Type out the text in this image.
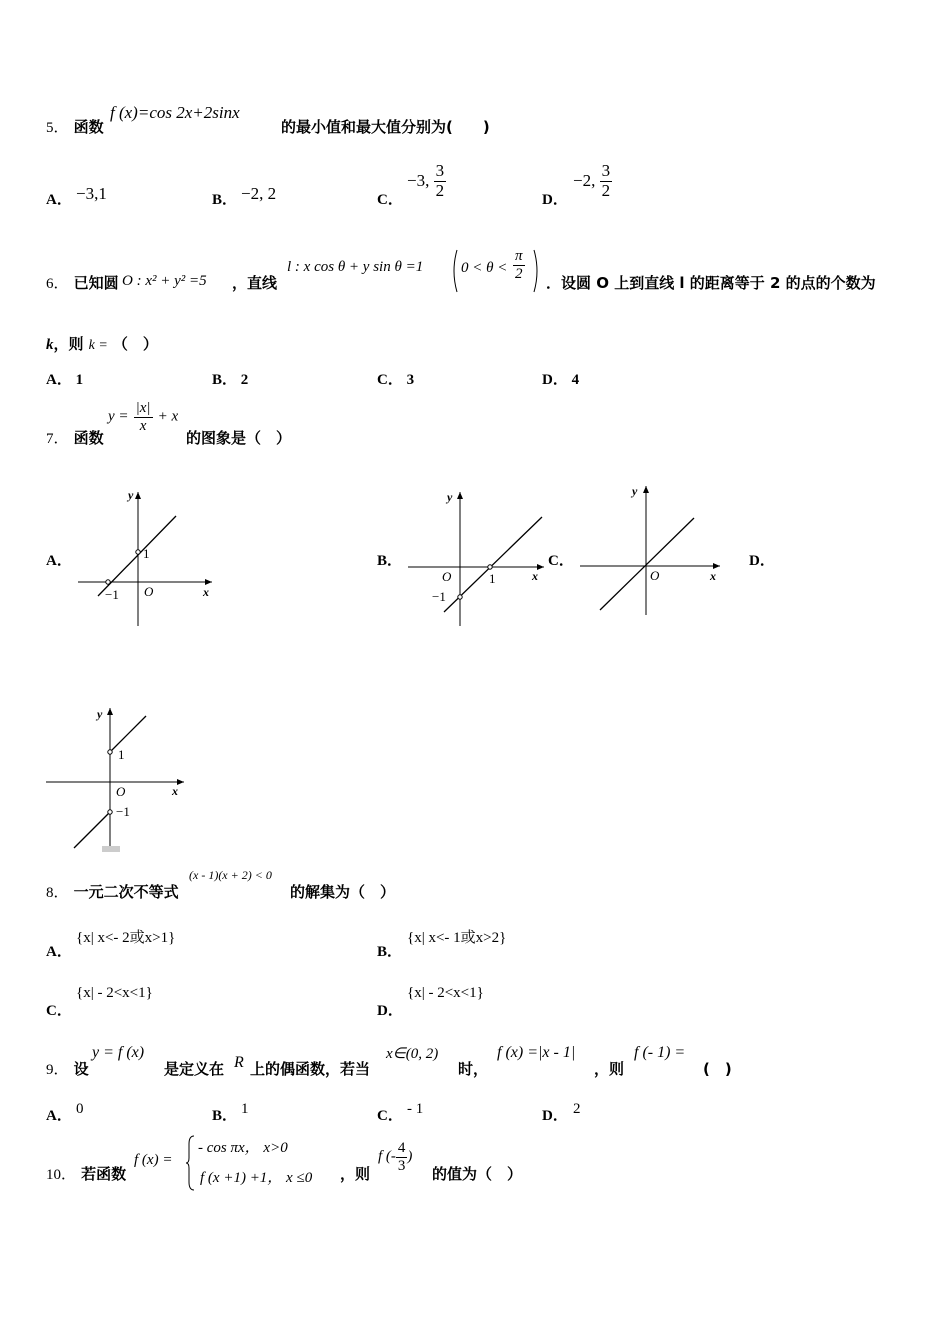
5． 函数
f (x)=cos 2x+2sinx
的最小值和最大值分别为(　　)
A． −3,1	B． −2, 2	C．
−3, $\frac{3}{2}$	D．
−2, $\frac{3}{2}$
6． 已知圆 O : x² + y² =5 ，直线
l : x cos θ + y sin θ =1	$0 < \theta < \frac{\pi}{2}$
．设圆 O 上到直线 l 的距离等于 2 的点的个数为
k，则 k = （　）
A． 1	B． 2	C． 3	D． 4
7． 函数
$y = \frac{|x|}{x} + x$
的图象是（　）
A．	B．	C．	D．
y
x
O
−1
1
y
x
O	1
−1
y
x
O
y
x
O
1
−1
8． 一元二次不等式
(x - 1)(x + 2) < 0
的解集为（　）
A．
{x| x<- 2或x>1}
B．
{x| x<- 1或x>2}
C．
{x| - 2<x<1}
D．
{x| - 2<x<1}
9． 设
y = f (x)
是定义在 R 上的偶函数，若当
x∈(0, 2)
时，
f (x) =|x - 1|
，则
f (- 1) =
(　)
A． 0	B． 1	C． - 1	D． 2
10． 若函数
f (x) =
- cos πx， x>0
f (x +1) +1， x ≤0 ，则
f (- $\frac{4}{3}$ )
的值为（　）
